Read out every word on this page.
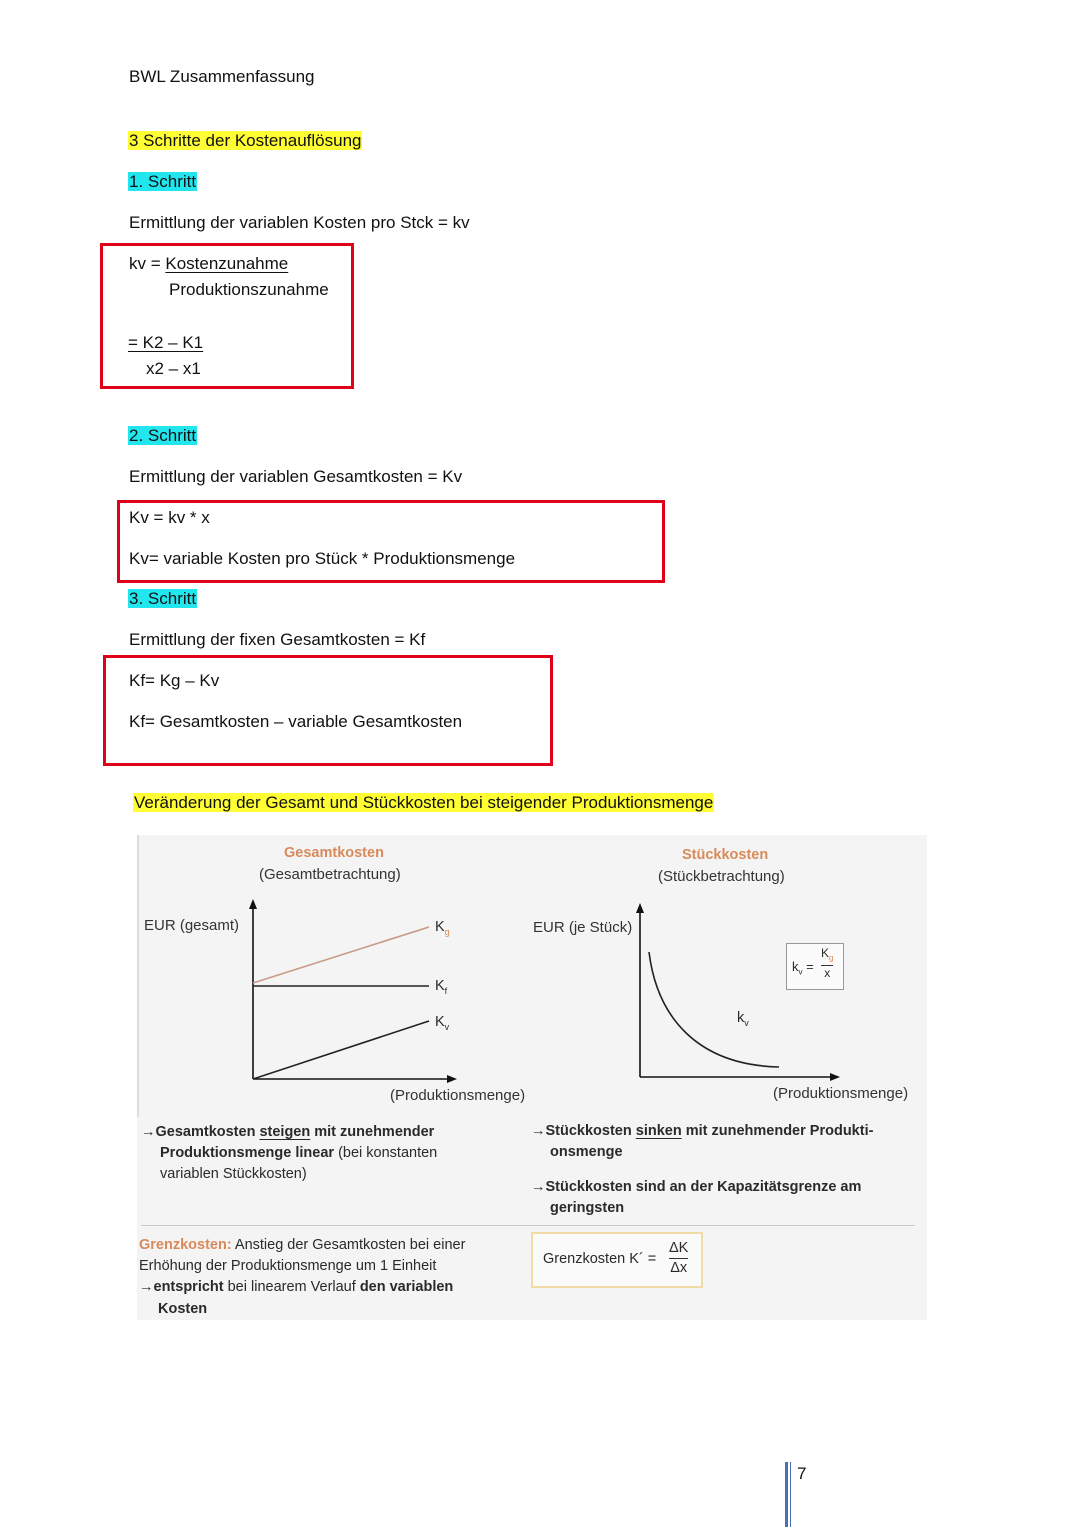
BWL Zusammenfassung
3 Schritte der Kostenauflösung
1. Schritt
Ermittlung der variablen Kosten pro Stck = kv
kv = Kostenzunahme
Produktionszunahme
= K2 – K1
x2 – x1
2. Schritt
Ermittlung der variablen Gesamtkosten = Kv
Kv = kv * x
Kv= variable Kosten pro Stück * Produktionsmenge
3. Schritt
Ermittlung der fixen Gesamtkosten = Kf
Kf= Kg – Kv
Kf= Gesamtkosten – variable Gesamtkosten
Veränderung der Gesamt und Stückkosten bei steigender Produktionsmenge
Gesamtkosten
(Gesamtbetrachtung)
EUR (gesamt)
(Produktionsmenge)
$K_g$
$K_f$
$K_v$
Stückkosten
(Stückbetrachtung)
EUR (je Stück)
(Produktionsmenge)
$k_v$
$k_v$ =
$K_g$
x
→Gesamtkosten steigen mit zunehmender
Produktionsmenge linear (bei konstanten
variablen Stückkosten)
→Stückkosten sinken mit zunehmender Produkti-
onsmenge
→Stückkosten sind an der Kapazitätsgrenze am
geringsten
Grenzkosten: Anstieg der Gesamtkosten bei einer
Erhöhung der Produktionsmenge um 1 Einheit
→entspricht bei linearem Verlauf den variablen
Kosten
Grenzkosten K´ =
ΔK
Δx
7
